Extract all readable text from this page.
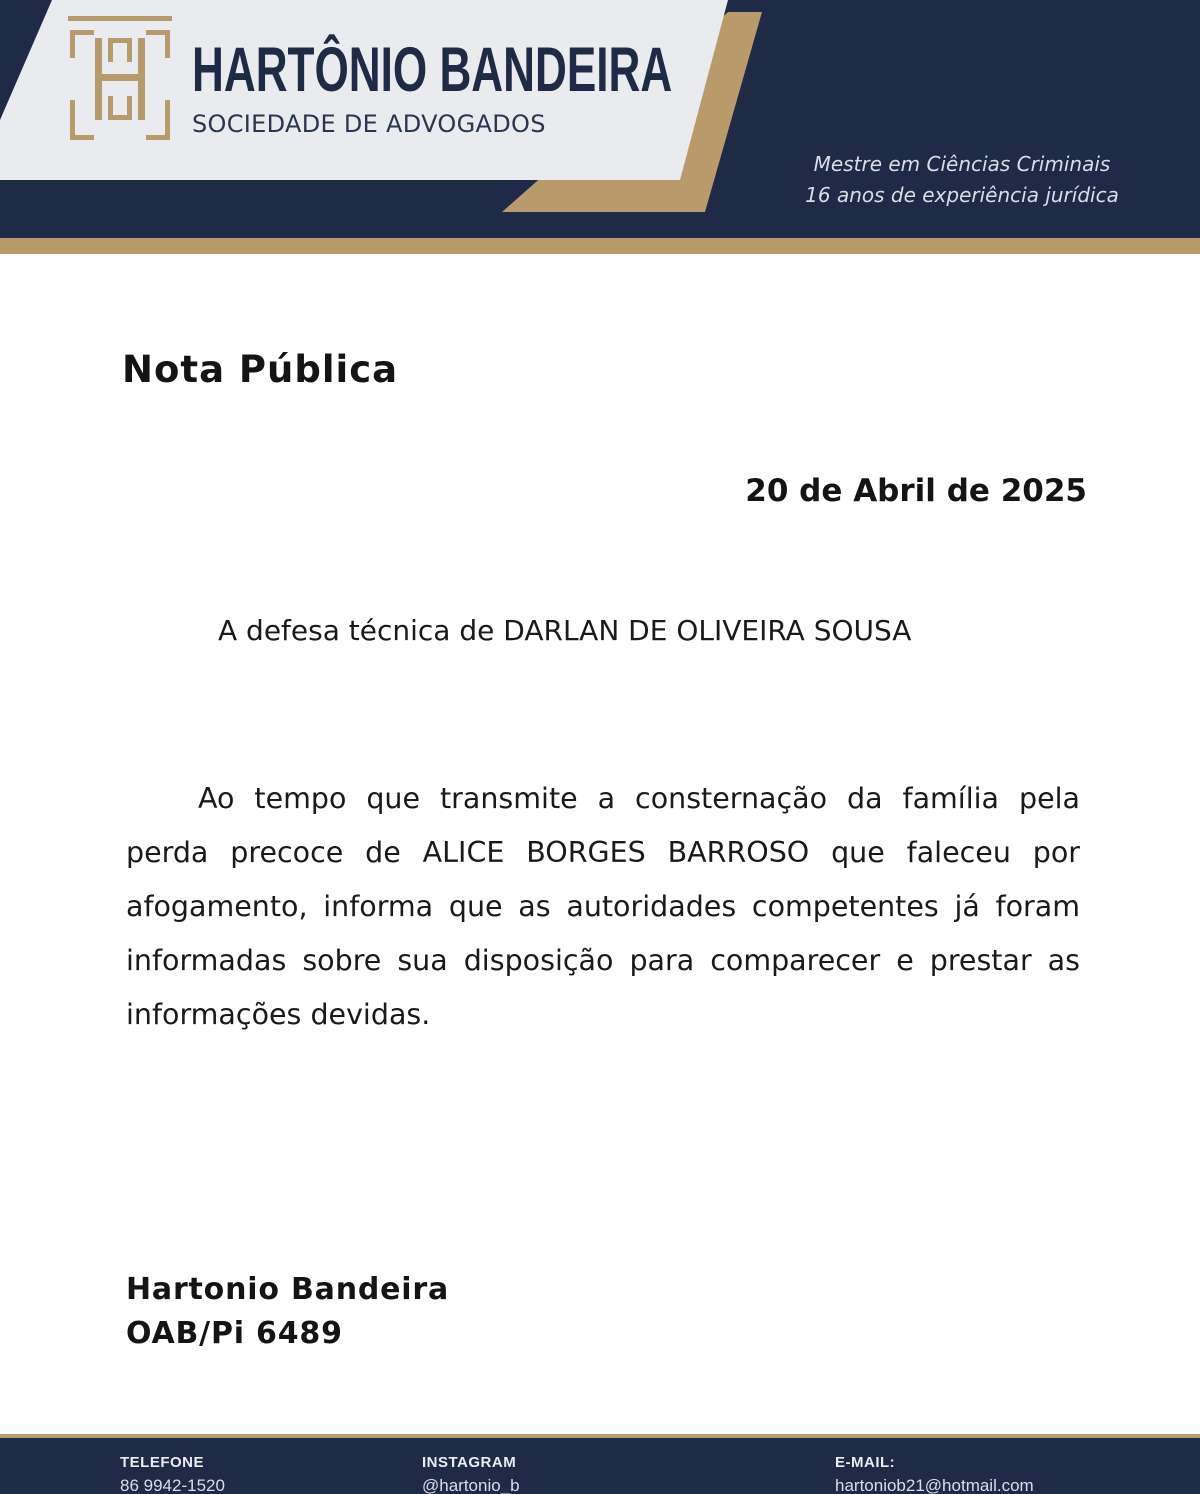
HARTÔNIO BANDEIRA
SOCIEDADE DE ADVOGADOS
Mestre em Ciências Criminais
16 anos de experiência jurídica
Nota Pública
20 de Abril de 2025
A defesa técnica de DARLAN DE OLIVEIRA SOUSA

Ao tempo que transmite a consternação da família pela perda precoce de ALICE BORGES BARROSO que faleceu por afogamento, informa que as autoridades competentes já foram informadas sobre sua disposição para comparecer e prestar as informações devidas.

Hartonio Bandeira
OAB/Pi 6489
TELEFONE
86 9942-1520
INSTAGRAM
@hartonio_b
E-MAIL:
hartoniob21@hotmail.com
